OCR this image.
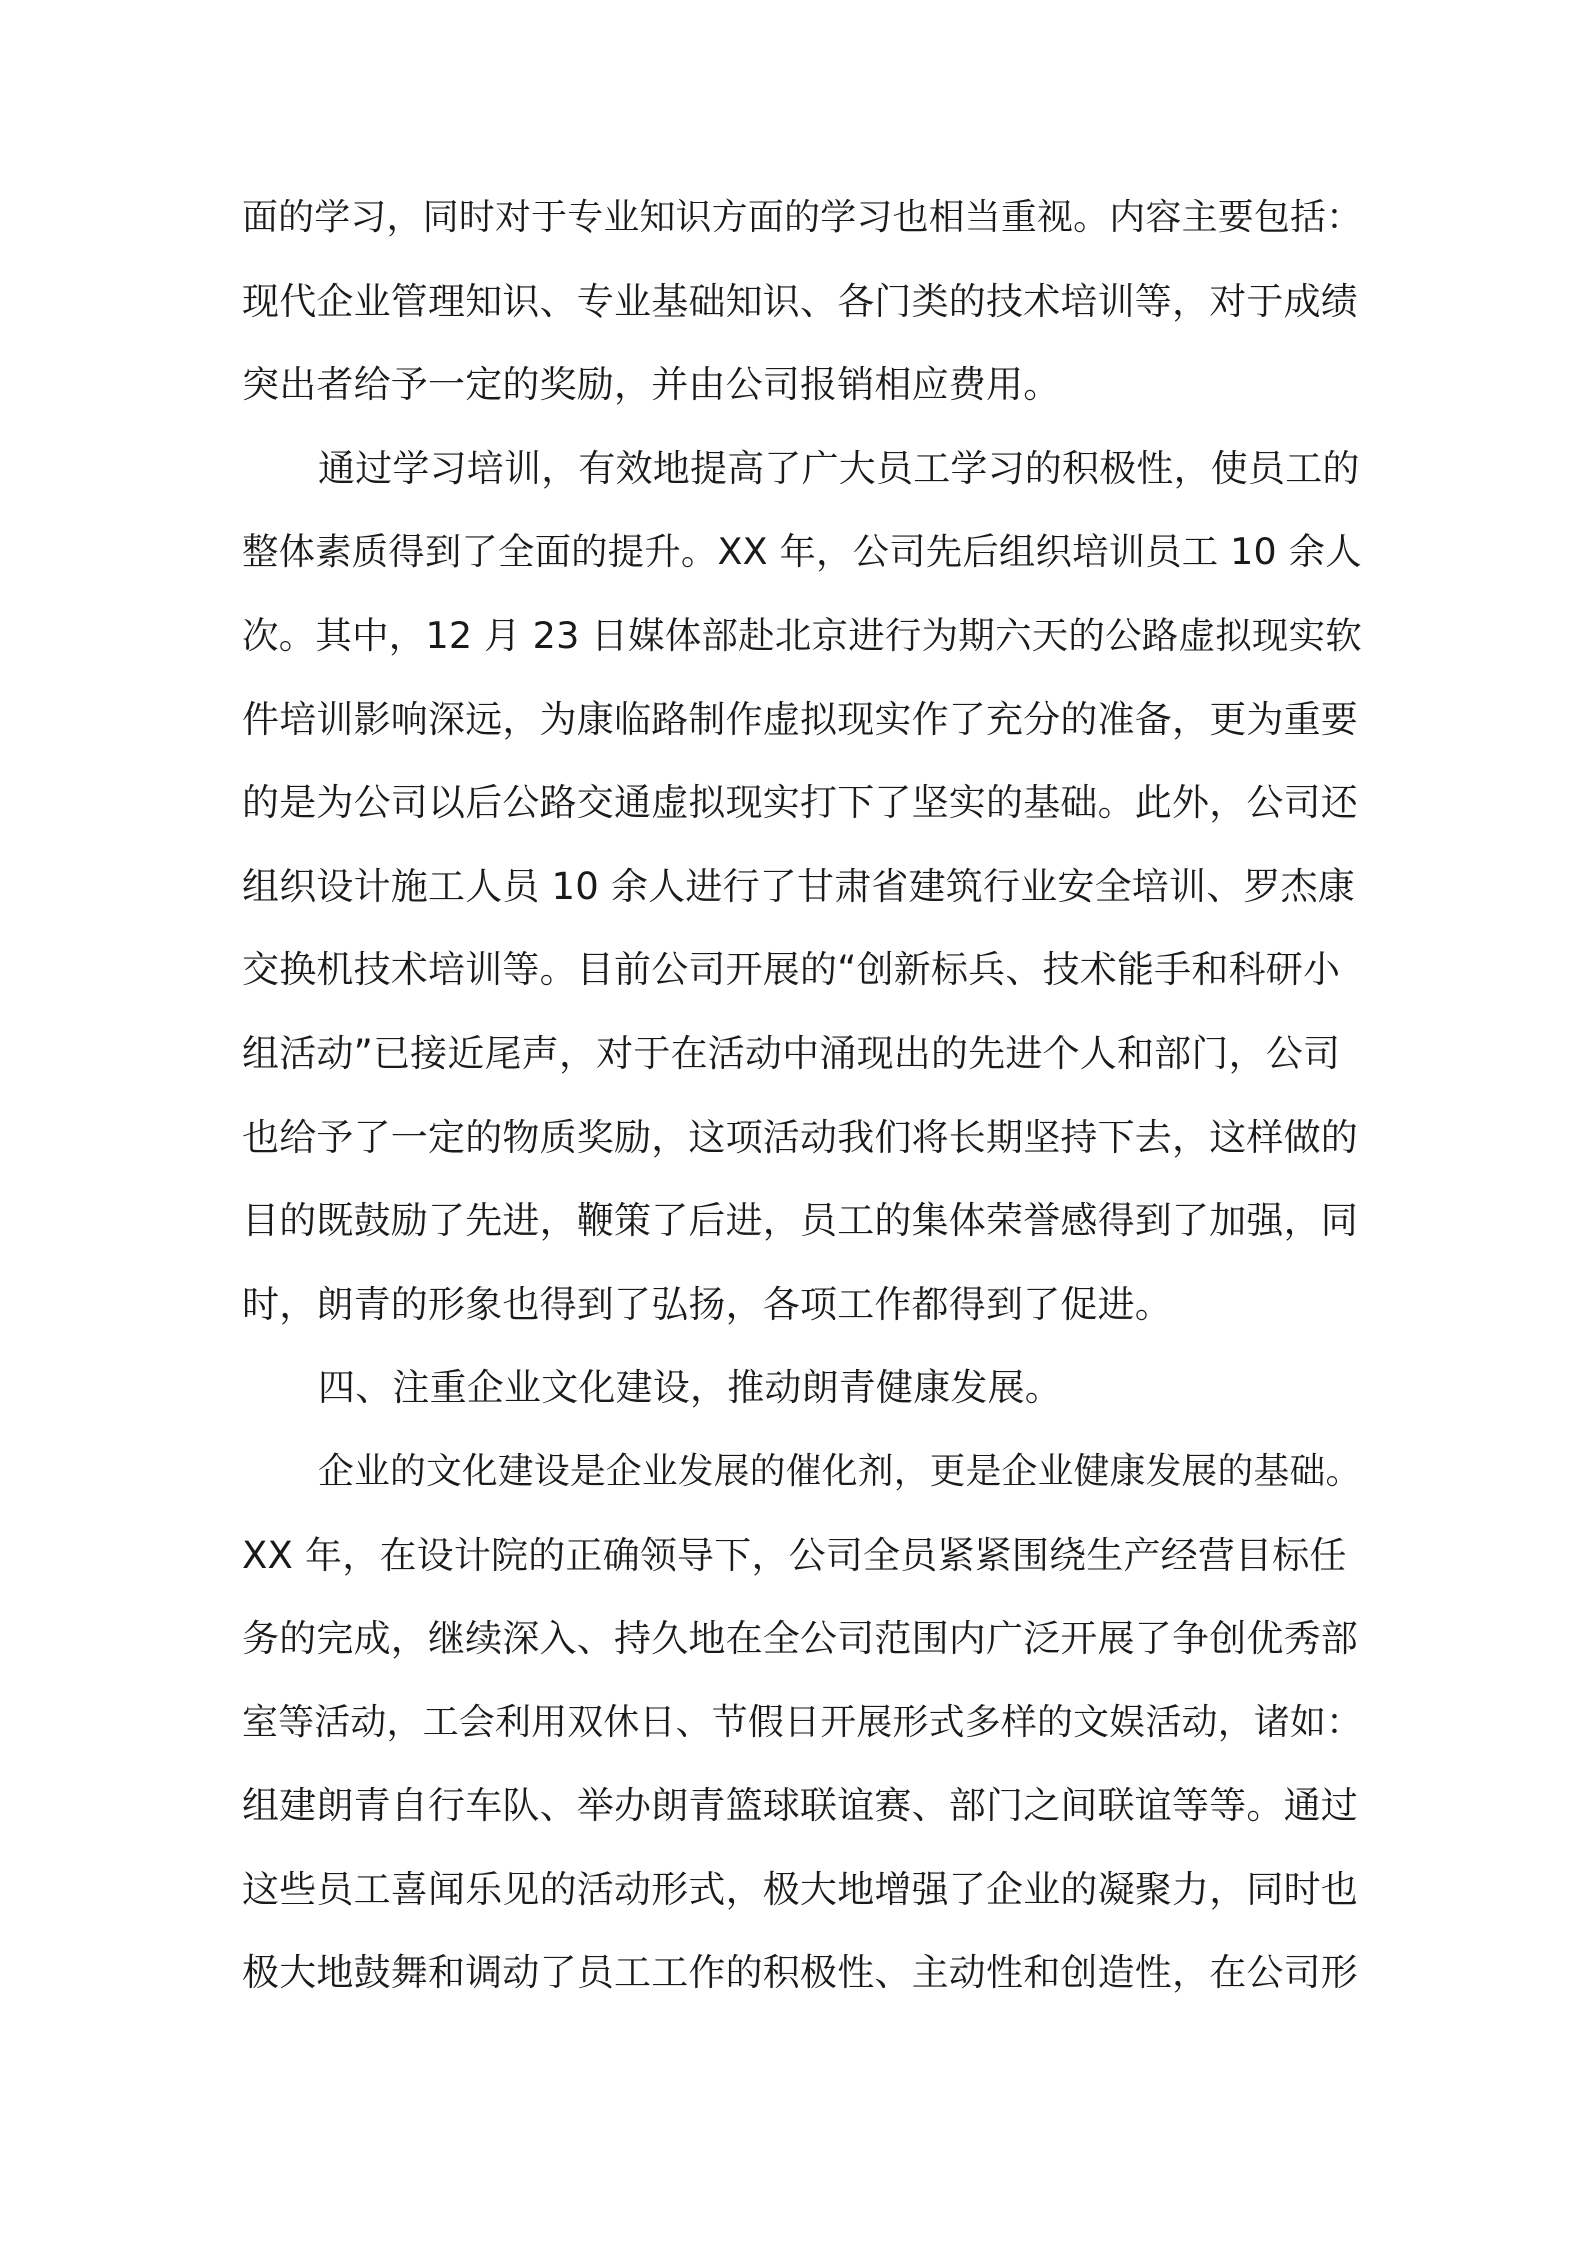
面的学习，同时对于专业知识方面的学习也相当重视。内容主要包括：
现代企业管理知识、专业基础知识、各门类的技术培训等，对于成绩
突出者给予一定的奖励，并由公司报销相应费用。
通过学习培训，有效地提高了广大员工学习的积极性，使员工的
整体素质得到了全面的提升。XX 年，公司先后组织培训员工 10 余人
次。其中，12 月 23 日媒体部赴北京进行为期六天的公路虚拟现实软
件培训影响深远，为康临路制作虚拟现实作了充分的准备，更为重要
的是为公司以后公路交通虚拟现实打下了坚实的基础。此外，公司还
组织设计施工人员 10 余人进行了甘肃省建筑行业安全培训、罗杰康
交换机技术培训等。目前公司开展的“创新标兵、技术能手和科研小
组活动”已接近尾声，对于在活动中涌现出的先进个人和部门，公司
也给予了一定的物质奖励，这项活动我们将长期坚持下去，这样做的
目的既鼓励了先进，鞭策了后进，员工的集体荣誉感得到了加强，同
时，朗青的形象也得到了弘扬，各项工作都得到了促进。
四、注重企业文化建设，推动朗青健康发展。
企业的文化建设是企业发展的催化剂，更是企业健康发展的基础。
XX 年，在设计院的正确领导下，公司全员紧紧围绕生产经营目标任
务的完成，继续深入、持久地在全公司范围内广泛开展了争创优秀部
室等活动，工会利用双休日、节假日开展形式多样的文娱活动，诸如：
组建朗青自行车队、举办朗青篮球联谊赛、部门之间联谊等等。通过
这些员工喜闻乐见的活动形式，极大地增强了企业的凝聚力，同时也
极大地鼓舞和调动了员工工作的积极性、主动性和创造性，在公司形
